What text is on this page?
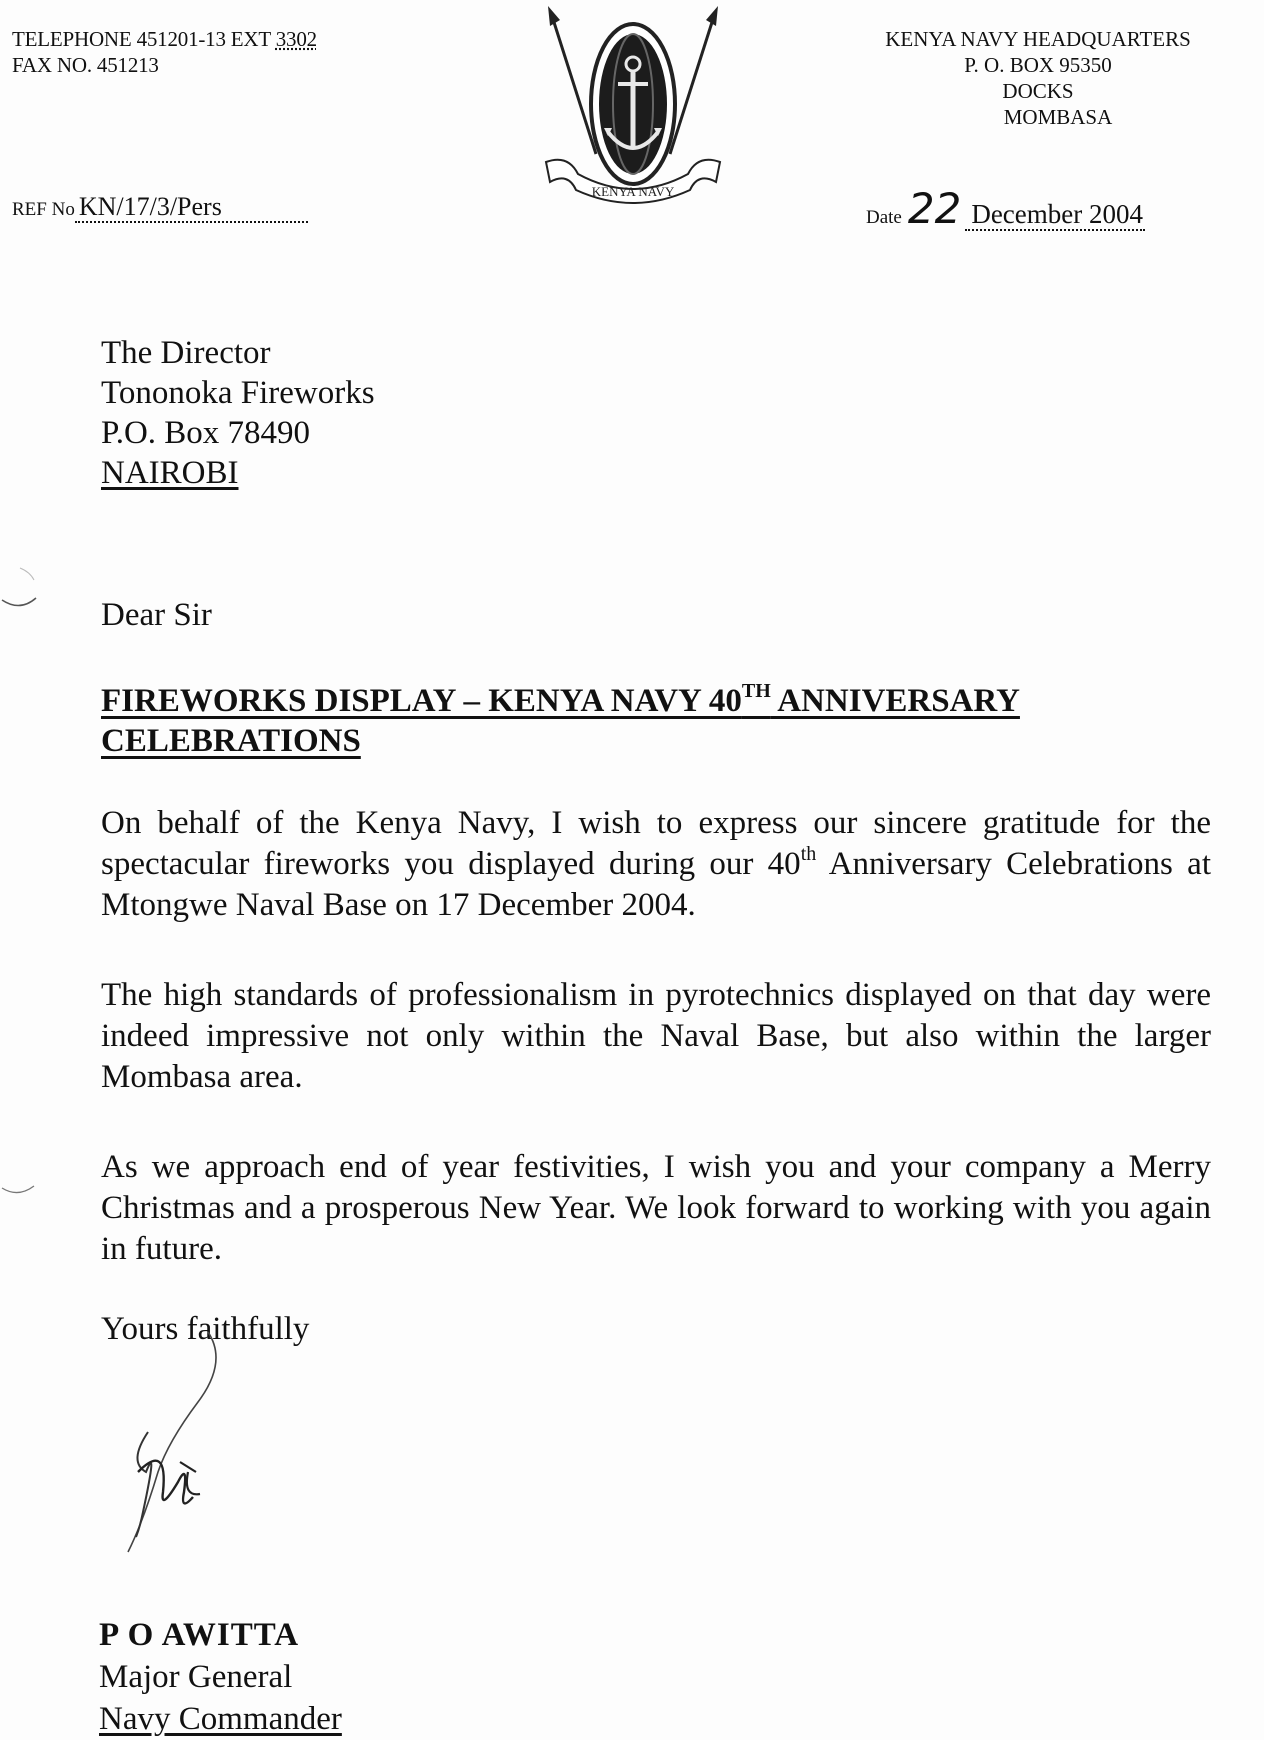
TELEPHONE 451201-13 EXT 3302
FAX NO. 451213
KENYA NAVY HEADQUARTERS
P. O. BOX 95350
DOCKS
MOMBASA
KENYA NAVY
REF No KN/17/3/Pers	Date 22 December 2004
The Director
Tononoka Fireworks
P.O. Box 78490
NAIROBI
Dear Sir
FIREWORKS DISPLAY – KENYA NAVY 40TH ANNIVERSARY CELEBRATIONS
On behalf of the Kenya Navy, I wish to express our sincere gratitude for the spectacular fireworks you displayed during our 40th Anniversary Celebrations at Mtongwe Naval Base on 17 December 2004.
The high standards of professionalism in pyrotechnics displayed on that day were indeed impressive not only within the Naval Base, but also within the larger Mombasa area.
As we approach end of year festivities, I wish you and your company a Merry Christmas and a prosperous New Year. We look forward to working with you again in future.
Yours faithfully
P O AWITTA
Major General
Navy Commander
